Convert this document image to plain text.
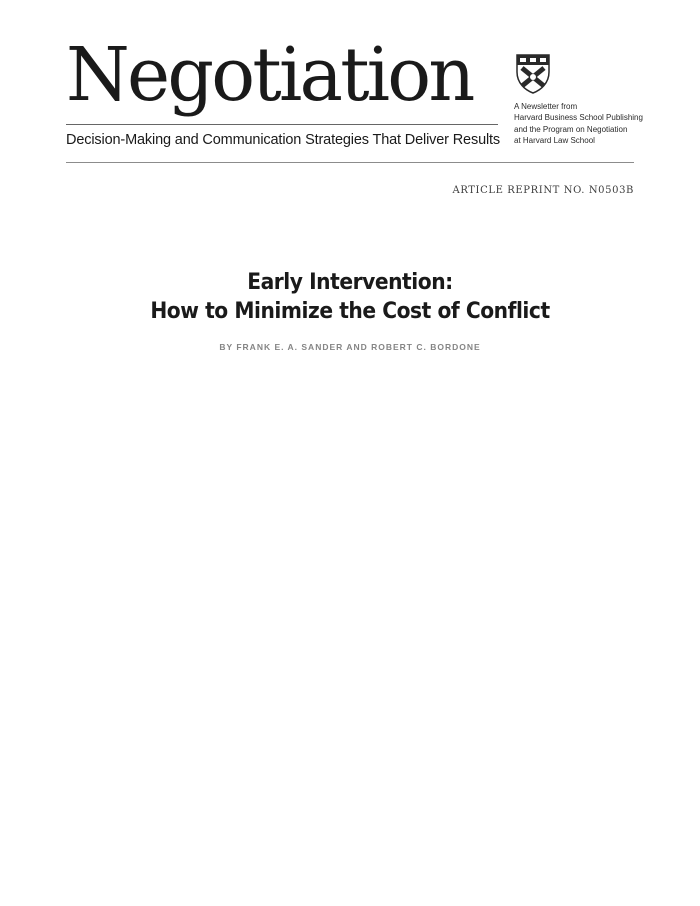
Negotiation
Decision-Making and Communication Strategies That Deliver Results
A Newsletter from
Harvard Business School Publishing
and the Program on Negotiation
at Harvard Law School
ARTICLE REPRINT NO. N0503B
Early Intervention:
How to Minimize the Cost of Conflict
BY FRANK E. A. SANDER AND ROBERT C. BORDONE
